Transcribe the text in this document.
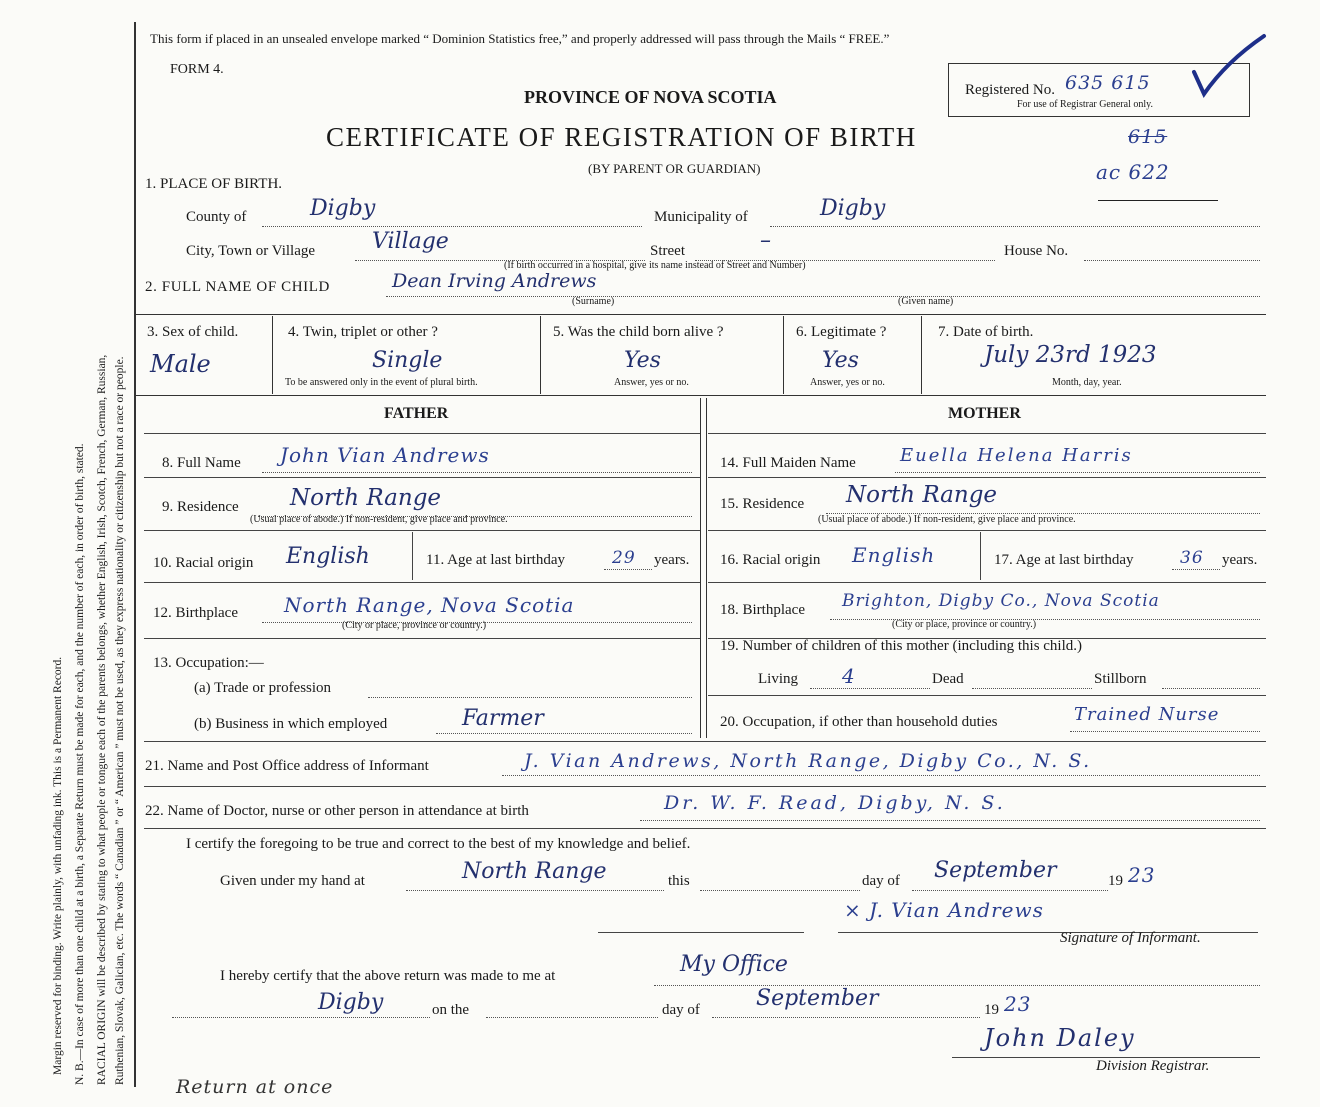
Margin reserved for binding. Write plainly, with unfading ink. This is a Permanent Record. N. B.—In case of more than one child at a birth, a Separate Return must be made for each, and the number of each, in order of birth, stated. RACIAL ORIGIN will be described by stating to what people or tongue each of the parents belongs, whether English, Irish, Scotch, French, German, Russian, Ruthenian, Slovak, Galician, etc. The words “ Canadian ” or “ American ” must not be used, as they express nationality or citizenship but not a race or people.
This form if placed in an unsealed envelope marked “ Dominion Statistics free,” and properly addressed will pass through the Mails “ FREE.”
FORM 4.
PROVINCE OF NOVA SCOTIA
CERTIFICATE OF REGISTRATION OF BIRTH
(BY PARENT OR GUARDIAN)
Registered No. 635 615
For use of Registrar General only.
615
ac 622
1. PLACE OF BIRTH.
County of	Digby	Municipality of	Digby
City, Town or Village	Village	Street	–	House No.
(If birth occurred in a hospital, give its name instead of Street and Number)
2. FULL NAME OF CHILD	Dean Irving Andrews
(Surname)	(Given name)
3. Sex of child.
Male
4. Twin, triplet or other ?
Single
To be answered only in the event of plural birth.
5. Was the child born alive ?
Yes
Answer, yes or no.
6. Legitimate ?
Yes
Answer, yes or no.
7. Date of birth.
July 23rd 1923
Month, day, year.
FATHER	MOTHER
8. Full Name John Vian Andrews
9. Residence North Range
(Usual place of abode.) If non-resident, give place and province.
10. Racial origin English	11. Age at last birthday	29 years.
12. Birthplace North Range, Nova Scotia
(City or place, province or country.)
13. Occupation:—
(a) Trade or profession
(b) Business in which employed	Farmer
14. Full Maiden Name Euella Helena Harris
15. Residence North Range
(Usual place of abode.) If non-resident, give place and province.
16. Racial origin English	17. Age at last birthday	36 years.
18. Birthplace Brighton, Digby Co., Nova Scotia
(City or place, province or country.)
19. Number of children of this mother (including this child.)
Living 4	Dead	Stillborn
20. Occupation, if other than household duties	Trained Nurse
21. Name and Post Office address of Informant	J. Vian Andrews, North Range, Digby Co., N. S.
22. Name of Doctor, nurse or other person in attendance at birth	Dr. W. F. Read, Digby, N. S.
I certify the foregoing to be true and correct to the best of my knowledge and belief.
Given under my hand at	North Range	this	day of September	19 23
× J. Vian Andrews
Signature of Informant.
I hereby certify that the above return was made to me at	My Office
Digby	on the	day of	September	19 23
John Daley
Division Registrar.
Return at once
